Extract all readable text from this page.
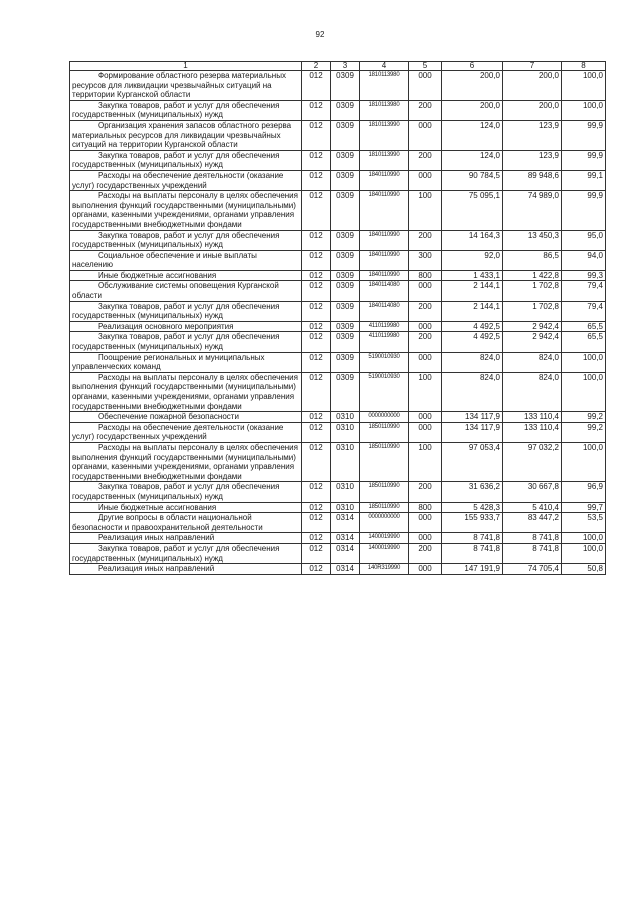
92
1	2	3	4	5	6	7	8
Формирование областного резерва материальных ресурсов для ликвидации чрезвычайных ситуаций на территории Курганской области	012	0309	1810113980	000	200,0	200,0	100,0
Закупка товаров, работ и услуг для обеспечения государственных (муниципальных) нужд	012	0309	1810113980	200	200,0	200,0	100,0
Организация хранения запасов областного резерва материальных ресурсов для ликвидации чрезвычайных ситуаций на территории Курганской области	012	0309	1810113990	000	124,0	123,9	99,9
Закупка товаров, работ и услуг для обеспечения государственных (муниципальных) нужд	012	0309	1810113990	200	124,0	123,9	99,9
Расходы на обеспечение деятельности (оказание услуг) государственных учреждений	012	0309	1840110990	000	90 784,5	89 948,6	99,1
Расходы на выплаты персоналу в целях обеспечения выполнения функций государственными (муниципальными) органами, казенными учреждениями, органами управления государственными внебюджетными фондами	012	0309	1840110990	100	75 095,1	74 989,0	99,9
Закупка товаров, работ и услуг для обеспечения государственных (муниципальных) нужд	012	0309	1840110990	200	14 164,3	13 450,3	95,0
Социальное обеспечение и иные выплаты населению	012	0309	1840110990	300	92,0	86,5	94,0
Иные бюджетные ассигнования	012	0309	1840110990	800	1 433,1	1 422,8	99,3
Обслуживание системы оповещения Курганской области	012	0309	1840114080	000	2 144,1	1 702,8	79,4
Закупка товаров, работ и услуг для обеспечения государственных (муниципальных) нужд	012	0309	1840114080	200	2 144,1	1 702,8	79,4
Реализация основного мероприятия	012	0309	4110119980	000	4 492,5	2 942,4	65,5
Закупка товаров, работ и услуг для обеспечения государственных (муниципальных) нужд	012	0309	4110119980	200	4 492,5	2 942,4	65,5
Поощрение региональных и муниципальных управленческих команд	012	0309	5190010930	000	824,0	824,0	100,0
Расходы на выплаты персоналу в целях обеспечения выполнения функций государственными (муниципальными) органами, казенными учреждениями, органами управления государственными внебюджетными фондами	012	0309	5190010930	100	824,0	824,0	100,0
Обеспечение пожарной безопасности	012	0310	0000000000	000	134 117,9	133 110,4	99,2
Расходы на обеспечение деятельности (оказание услуг) государственных учреждений	012	0310	1850110990	000	134 117,9	133 110,4	99,2
Расходы на выплаты персоналу в целях обеспечения выполнения функций государственными (муниципальными) органами, казенными учреждениями, органами управления государственными внебюджетными фондами	012	0310	1850110990	100	97 053,4	97 032,2	100,0
Закупка товаров, работ и услуг для обеспечения государственных (муниципальных) нужд	012	0310	1850110990	200	31 636,2	30 667,8	96,9
Иные бюджетные ассигнования	012	0310	1850110990	800	5 428,3	5 410,4	99,7
Другие вопросы в области национальной безопасности и правоохранительной деятельности	012	0314	0000000000	000	155 933,7	83 447,2	53,5
Реализация иных направлений	012	0314	1400019990	000	8 741,8	8 741,8	100,0
Закупка товаров, работ и услуг для обеспечения государственных (муниципальных) нужд	012	0314	1400019990	200	8 741,8	8 741,8	100,0
Реализация иных направлений	012	0314	140R319990	000	147 191,9	74 705,4	50,8
